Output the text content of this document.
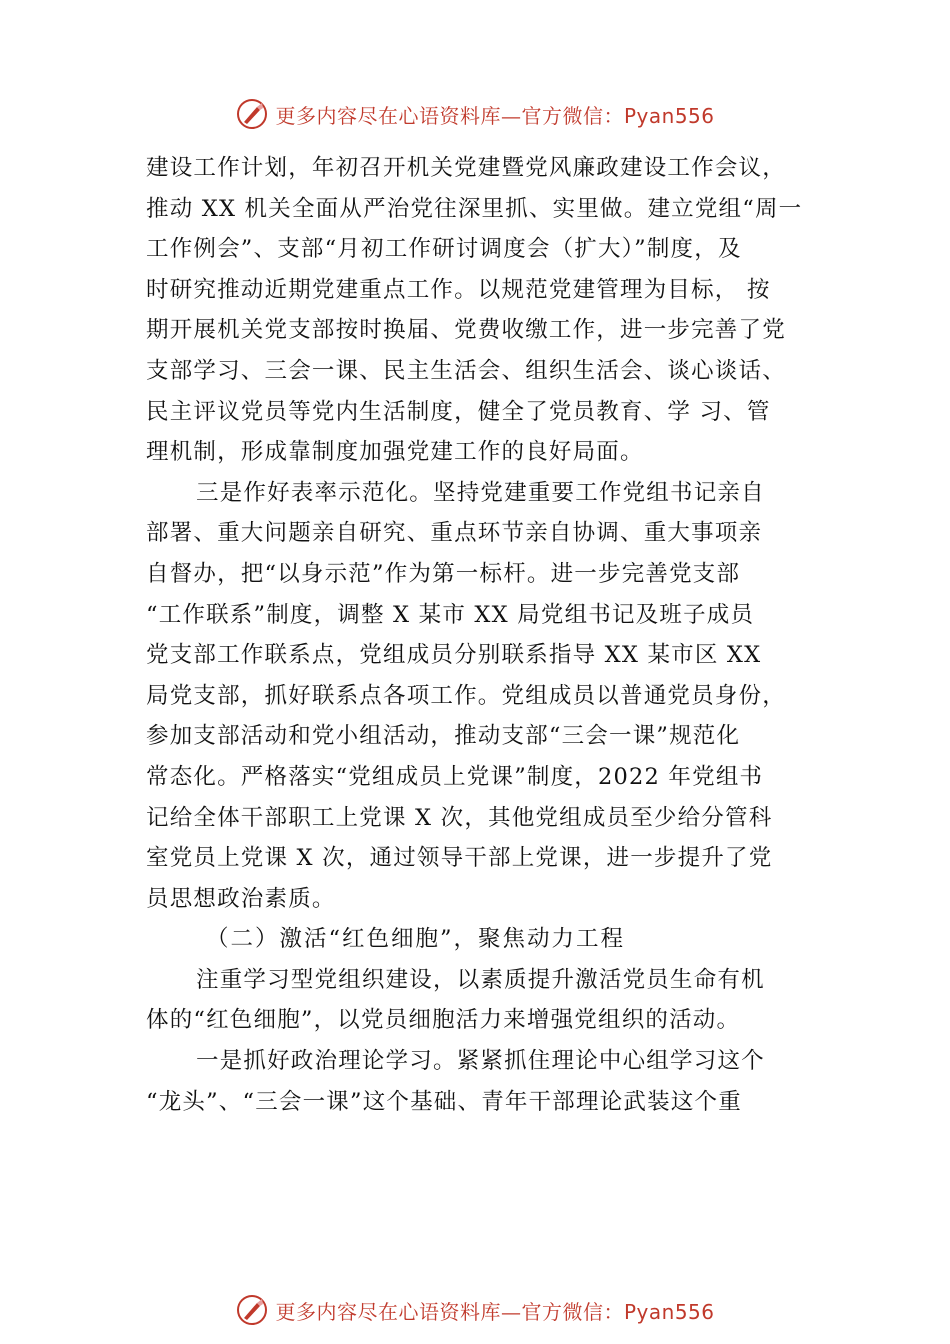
更多内容尽在心语资料库—官方微信：Pyan556
建设工作计划，年初召开机关党建暨党风廉政建设工作会议，
推动 XX 机关全面从严治党往深里抓、实里做。建立党组“周一
工作例会”、支部“月初工作研讨调度会（扩大）”制度，及
时研究推动近期党建重点工作。以规范党建管理为目标， 按
期开展机关党支部按时换届、党费收缴工作，进一步完善了党
支部学习、三会一课、民主生活会、组织生活会、谈心谈话、
民主评议党员等党内生活制度，健全了党员教育、学 习、管
理机制，形成靠制度加强党建工作的良好局面。
三是作好表率示范化。坚持党建重要工作党组书记亲自
部署、重大问题亲自研究、重点环节亲自协调、重大事项亲
自督办，把“以身示范”作为第一标杆。进一步完善党支部
“工作联系”制度，调整 X 某市 XX 局党组书记及班子成员
党支部工作联系点，党组成员分别联系指导 XX 某市区 XX
局党支部，抓好联系点各项工作。党组成员以普通党员身份，
参加支部活动和党小组活动，推动支部“三会一课”规范化
常态化。严格落实“党组成员上党课”制度，2022 年党组书
记给全体干部职工上党课 X 次，其他党组成员至少给分管科
室党员上党课 X 次，通过领导干部上党课，进一步提升了党
员思想政治素质。
（二）激活“红色细胞”，聚焦动力工程
注重学习型党组织建设，以素质提升激活党员生命有机
体的“红色细胞”，以党员细胞活力来增强党组织的活动。
一是抓好政治理论学习。紧紧抓住理论中心组学习这个
“龙头”、“三会一课”这个基础、青年干部理论武装这个重
更多内容尽在心语资料库—官方微信：Pyan556
